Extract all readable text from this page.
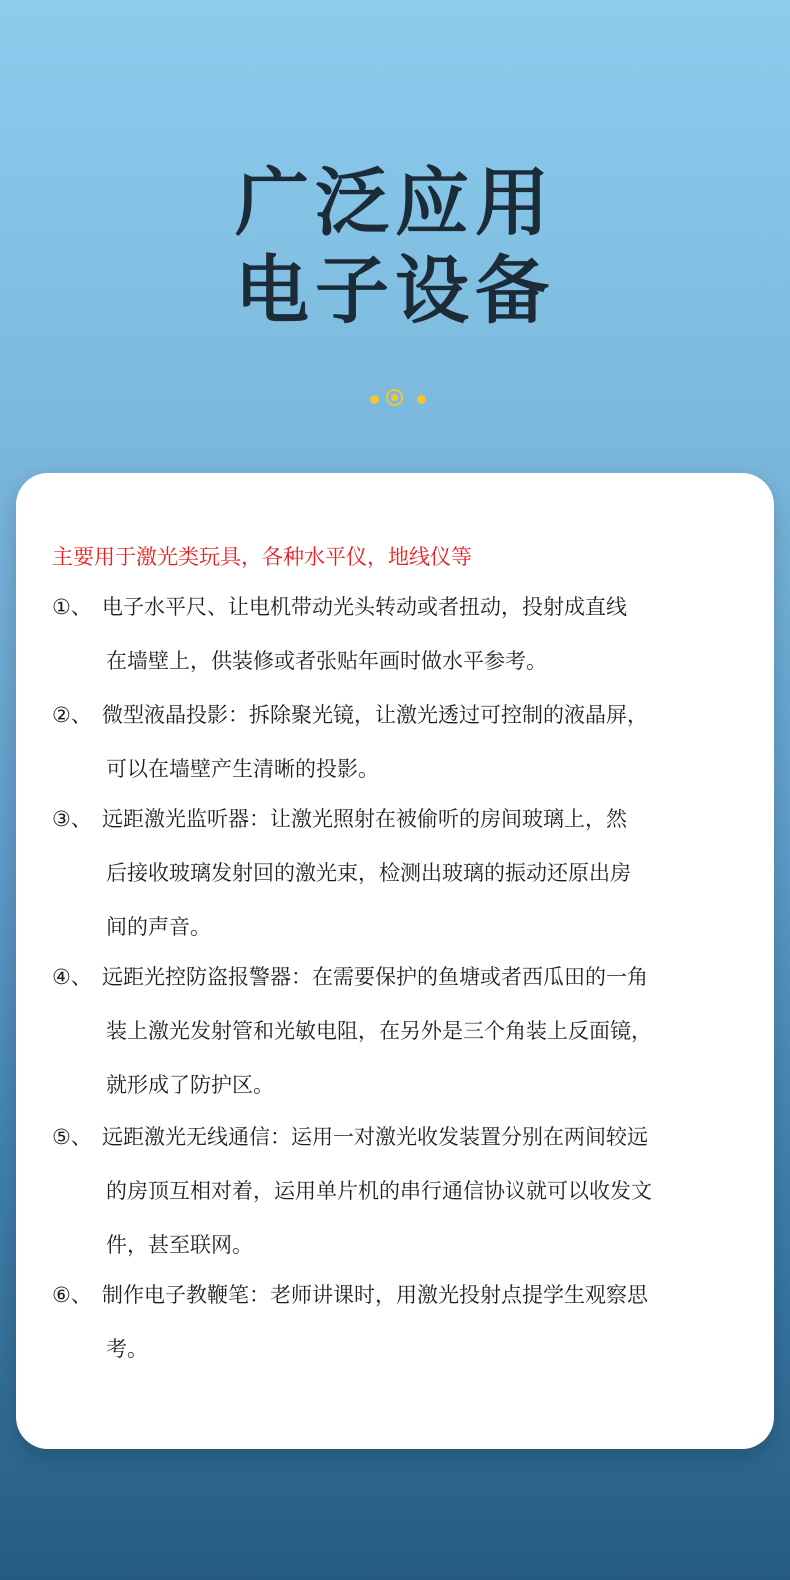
广泛应用
电子设备
主要用于激光类玩具，各种水平仪，地线仪等
①、 电子水平尺、让电机带动光头转动或者扭动，投射成直线
在墙壁上，供装修或者张贴年画时做水平参考。
②、 微型液晶投影：拆除聚光镜，让激光透过可控制的液晶屏，
可以在墙壁产生清晰的投影。
③、 远距激光监听器：让激光照射在被偷听的房间玻璃上，然
后接收玻璃发射回的激光束，检测出玻璃的振动还原出房
间的声音。
④、 远距光控防盗报警器：在需要保护的鱼塘或者西瓜田的一角
装上激光发射管和光敏电阻，在另外是三个角装上反面镜，
就形成了防护区。
⑤、 远距激光无线通信：运用一对激光收发装置分别在两间较远
的房顶互相对着，运用单片机的串行通信协议就可以收发文
件，甚至联网。
⑥、 制作电子教鞭笔：老师讲课时，用激光投射点提学生观察思
考。
